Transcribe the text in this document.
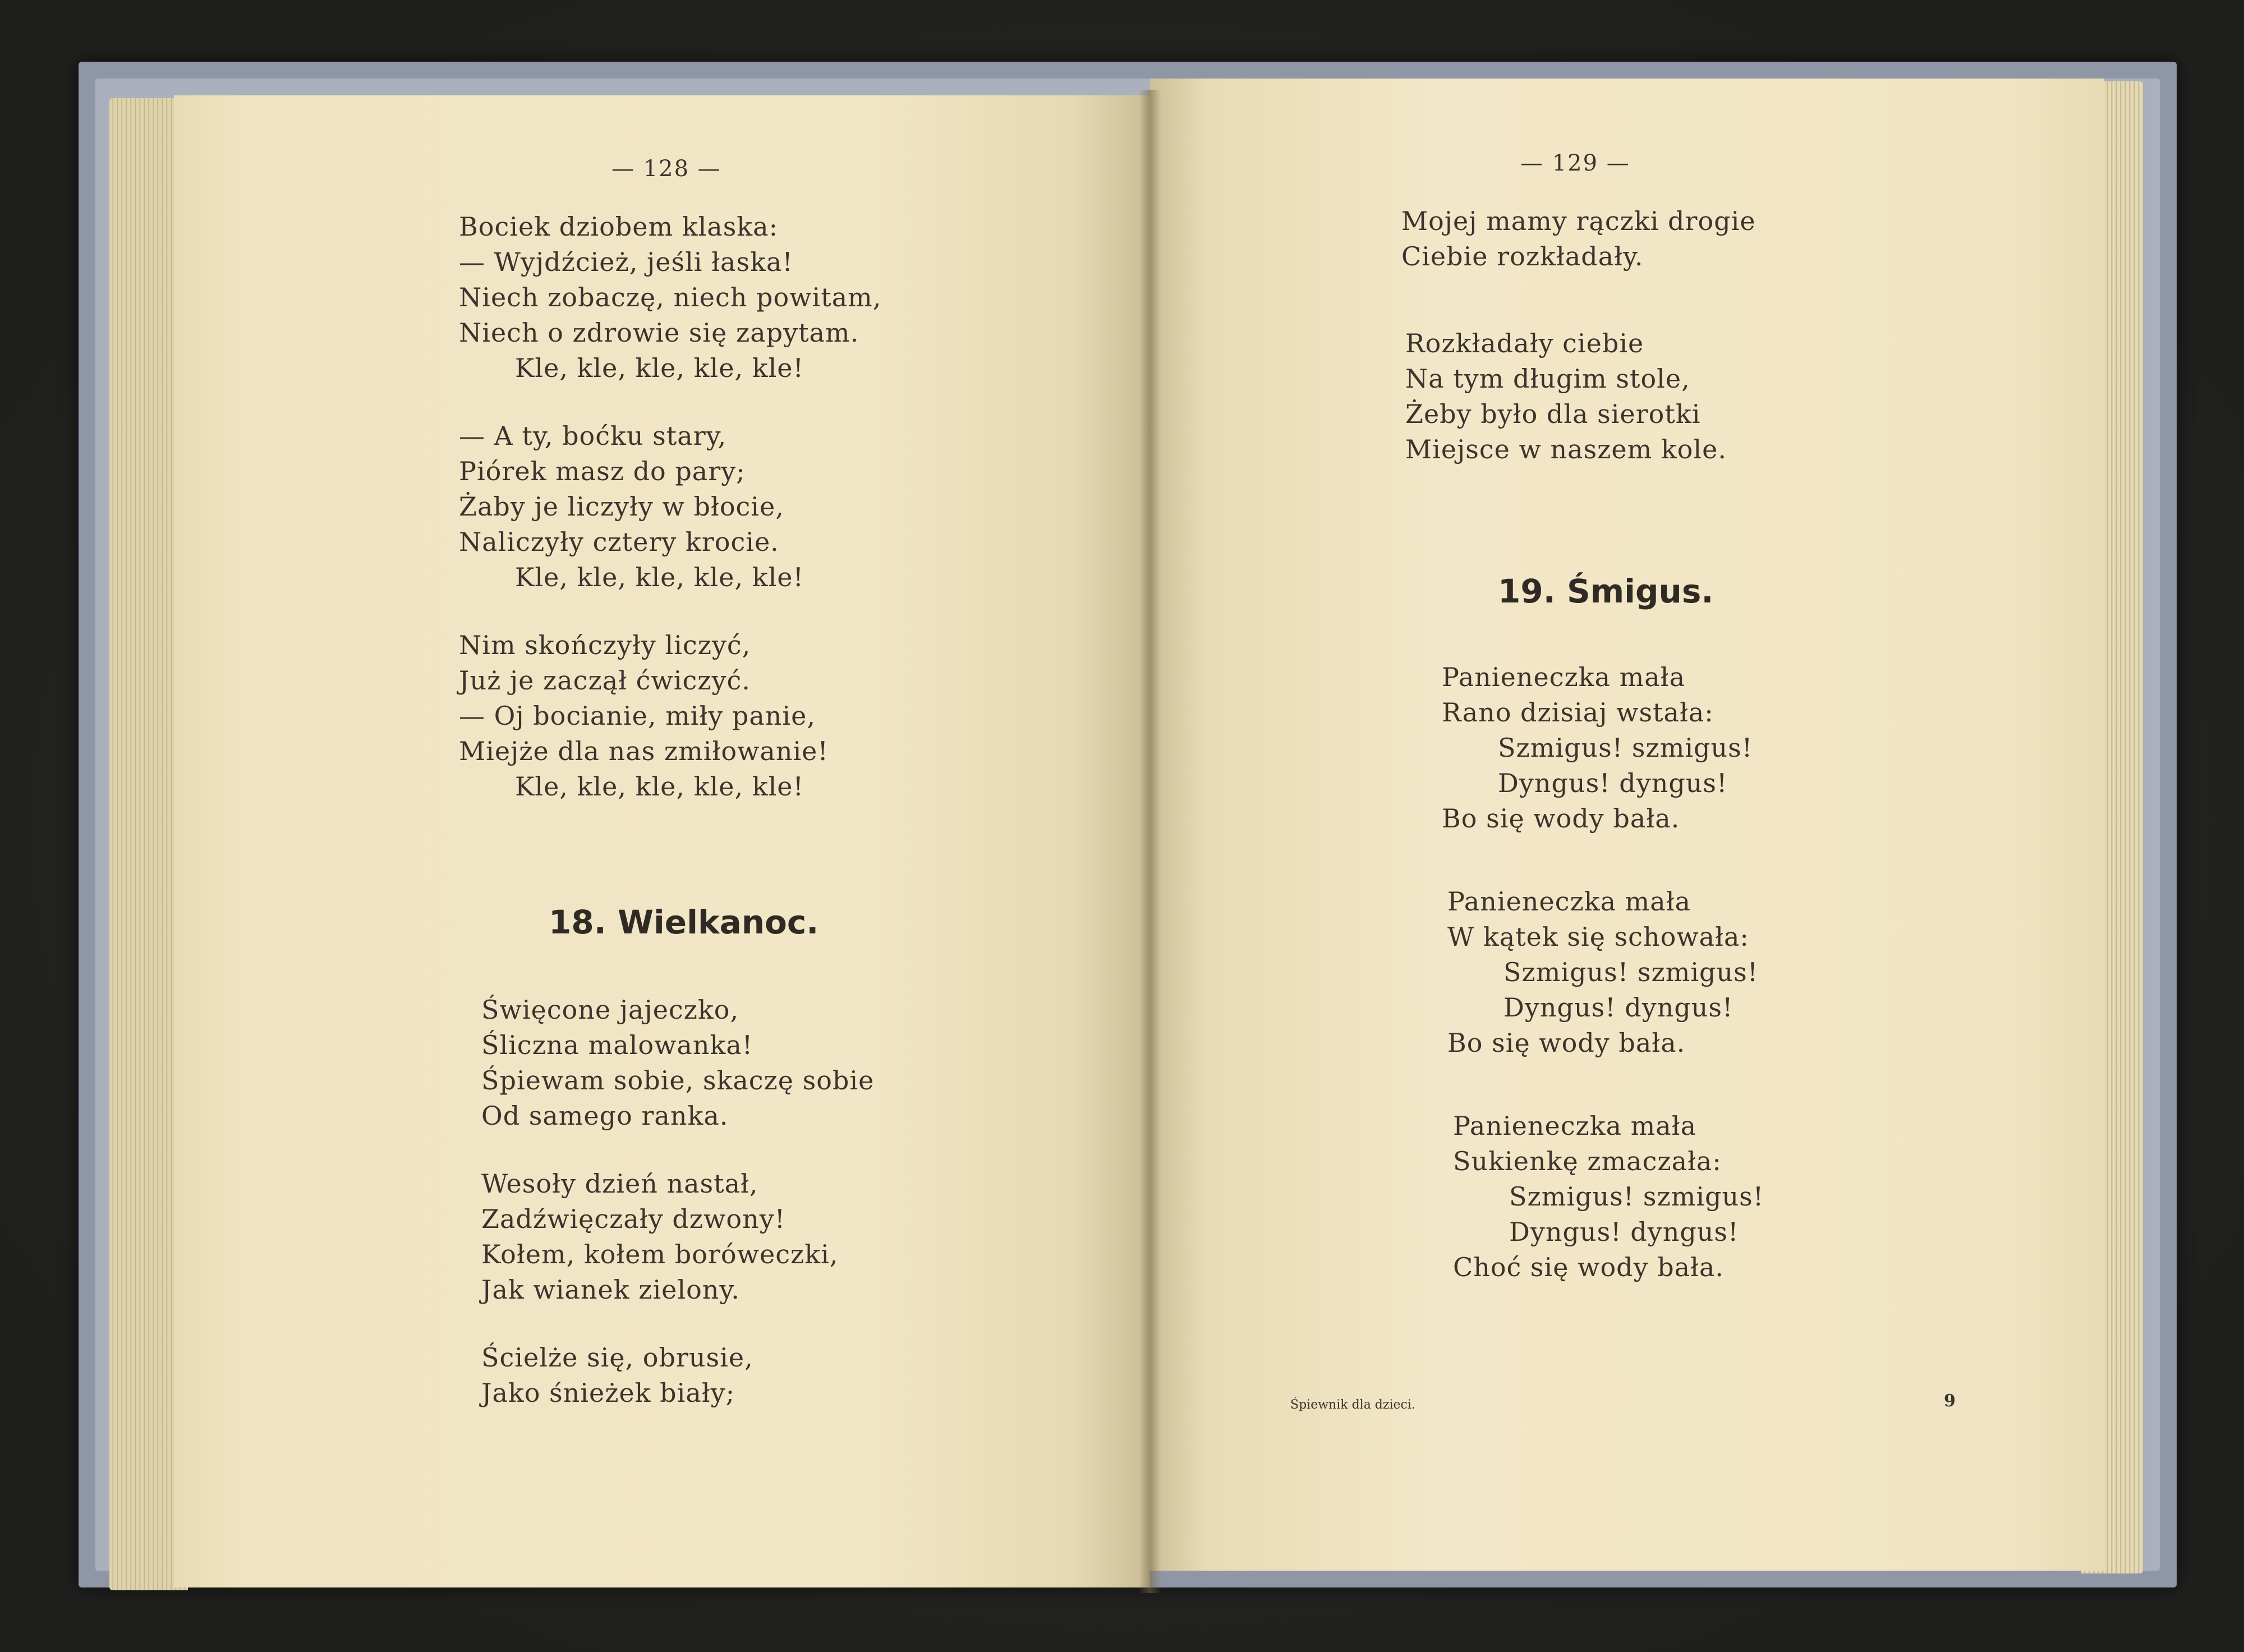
— 128 —
Bociek dziobem klaska:
— Wyjdźcież, jeśli łaska!
Niech zobaczę, niech powitam,
Niech o zdrowie się zapytam.
Kle, kle, kle, kle, kle!
— A ty, boćku stary,
Piórek masz do pary;
Żaby je liczyły w błocie,
Naliczyły cztery krocie.
Kle, kle, kle, kle, kle!
Nim skończyły liczyć,
Już je zaczął ćwiczyć.
— Oj bocianie, miły panie,
Miejże dla nas zmiłowanie!
Kle, kle, kle, kle, kle!
18. Wielkanoc.
Święcone jajeczko,
Śliczna malowanka!
Śpiewam sobie, skaczę sobie
Od samego ranka.
Wesoły dzień nastał,
Zadźwięczały dzwony!
Kołem, kołem boróweczki,
Jak wianek zielony.
Ścielże się, obrusie,
Jako śnieżek biały;
— 129 —
Mojej mamy rączki drogie
Ciebie rozkładały.
Rozkładały ciebie
Na tym długim stole,
Żeby było dla sierotki
Miejsce w naszem kole.
19. Śmigus.
Panieneczka mała
Rano dzisiaj wstała:
Szmigus! szmigus!
Dyngus! dyngus!
Bo się wody bała.
Panieneczka mała
W kątek się schowała:
Szmigus! szmigus!
Dyngus! dyngus!
Bo się wody bała.
Panieneczka mała
Sukienkę zmaczała:
Szmigus! szmigus!
Dyngus! dyngus!
Choć się wody bała.
Śpiewnik dla dzieci.	9
